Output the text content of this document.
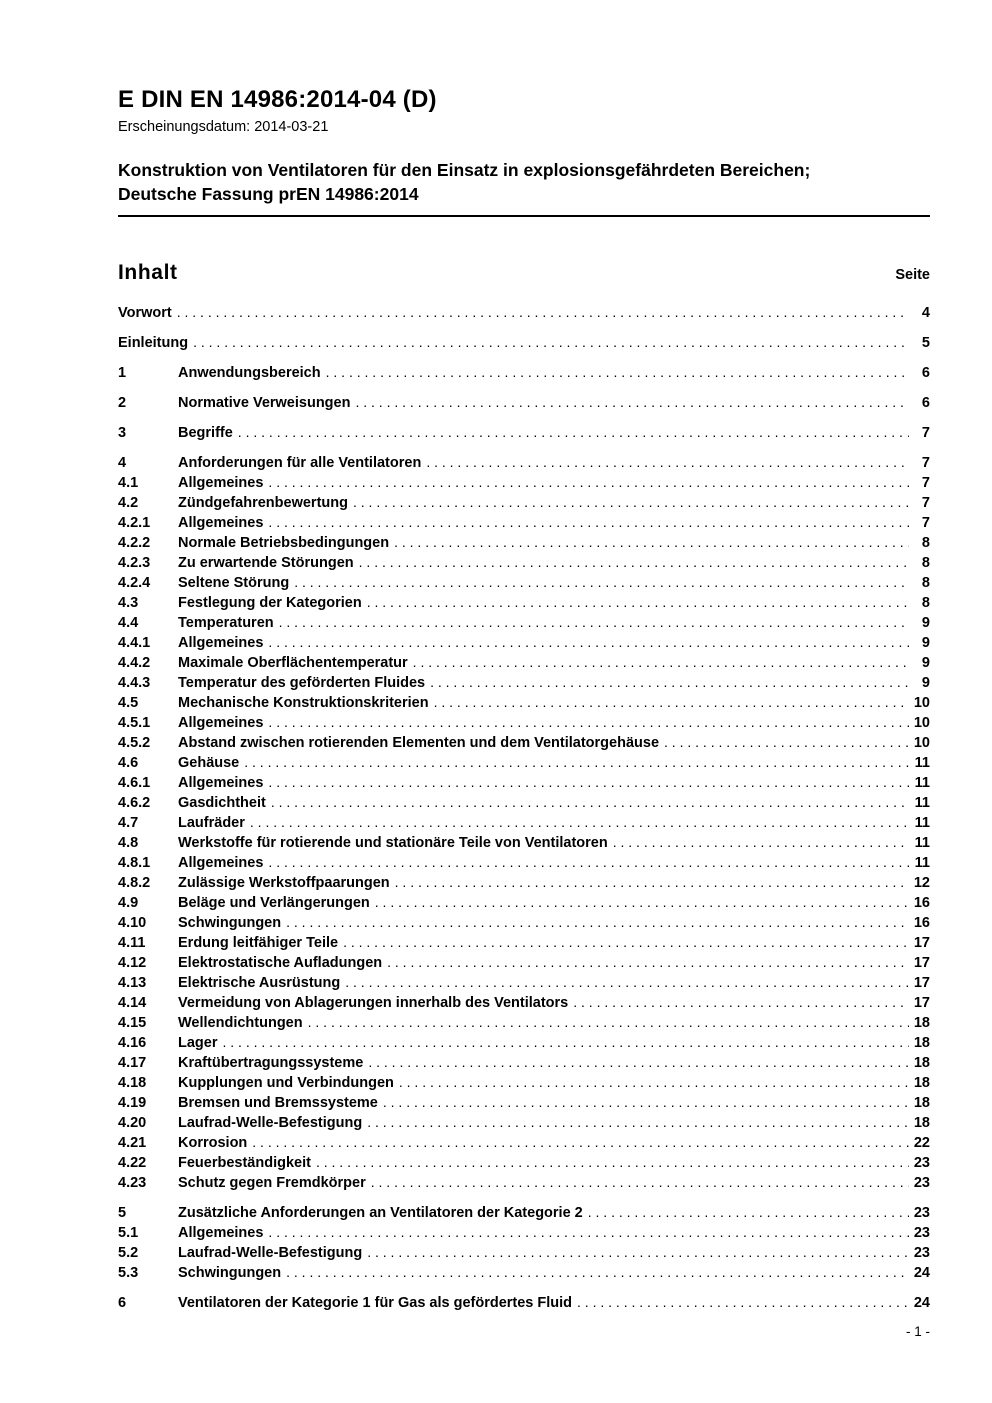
E DIN EN 14986:2014-04 (D)
Erscheinungsdatum: 2014-03-21
Konstruktion von Ventilatoren für den Einsatz in explosionsgefährdeten Bereichen;
Deutsche Fassung prEN 14986:2014
Inhalt	Seite
Vorwort . . .	4
Einleitung . . .	5
1	Anwendungsbereich . . .	6
2	Normative Verweisungen . . .	6
3	Begriffe . . .	7
4	Anforderungen für alle Ventilatoren . . .	7
4.1	Allgemeines . . .	7
4.2	Zündgefahrenbewertung . . .	7
4.2.1	Allgemeines . . .	7
4.2.2	Normale Betriebsbedingungen . . .	8
4.2.3	Zu erwartende Störungen . . .	8
4.2.4	Seltene Störung . . .	8
4.3	Festlegung der Kategorien . . .	8
4.4	Temperaturen . . .	9
4.4.1	Allgemeines . . .	9
4.4.2	Maximale Oberflächentemperatur . . .	9
4.4.3	Temperatur des geförderten Fluides . . .	9
4.5	Mechanische Konstruktionskriterien . . .	10
4.5.1	Allgemeines . . .	10
4.5.2	Abstand zwischen rotierenden Elementen und dem Ventilatorgehäuse . . .	10
4.6	Gehäuse . . .	11
4.6.1	Allgemeines . . .	11
4.6.2	Gasdichtheit . . .	11
4.7	Laufräder . . .	11
4.8	Werkstoffe für rotierende und stationäre Teile von Ventilatoren . . .	11
4.8.1	Allgemeines . . .	11
4.8.2	Zulässige Werkstoffpaarungen . . .	12
4.9	Beläge und Verlängerungen . . .	16
4.10	Schwingungen . . .	16
4.11	Erdung leitfähiger Teile . . .	17
4.12	Elektrostatische Aufladungen . . .	17
4.13	Elektrische Ausrüstung . . .	17
4.14	Vermeidung von Ablagerungen innerhalb des Ventilators . . .	17
4.15	Wellendichtungen . . .	18
4.16	Lager . . .	18
4.17	Kraftübertragungssysteme . . .	18
4.18	Kupplungen und Verbindungen . . .	18
4.19	Bremsen und Bremssysteme . . .	18
4.20	Laufrad-Welle-Befestigung . . .	18
4.21	Korrosion . . .	22
4.22	Feuerbeständigkeit . . .	23
4.23	Schutz gegen Fremdkörper . . .	23
5	Zusätzliche Anforderungen an Ventilatoren der Kategorie 2 . . .	23
5.1	Allgemeines . . .	23
5.2	Laufrad-Welle-Befestigung . . .	23
5.3	Schwingungen . . .	24
6	Ventilatoren der Kategorie 1 für Gas als gefördertes Fluid . . .	24
- 1 -
